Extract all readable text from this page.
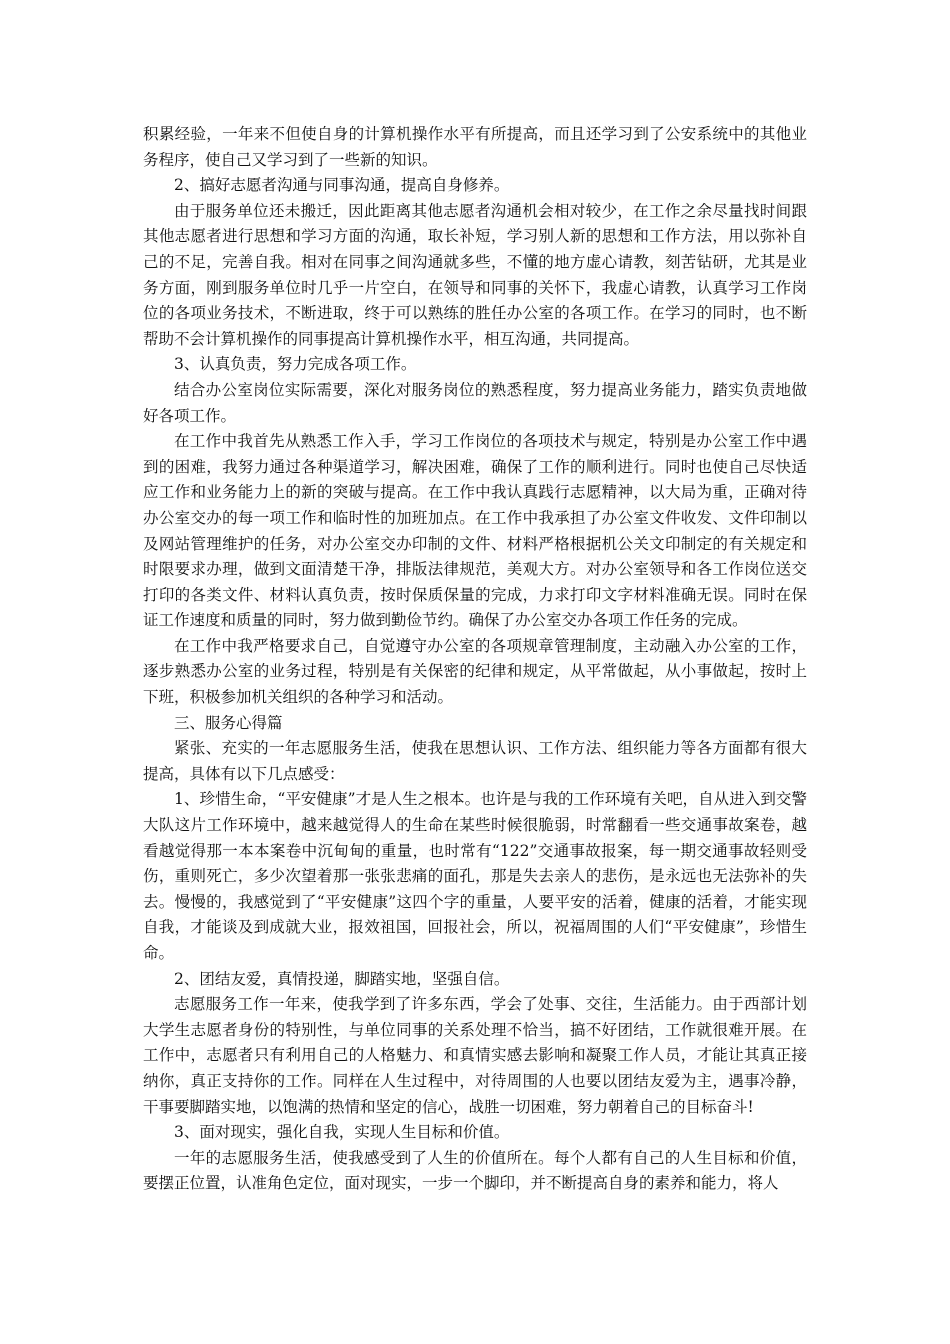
积累经验，一年来不但使自身的计算机操作水平有所提高，而且还学习到了公安系统中的其他业务程序，使自己又学习到了一些新的知识。

2、搞好志愿者沟通与同事沟通，提高自身修养。

由于服务单位还未搬迁，因此距离其他志愿者沟通机会相对较少，在工作之余尽量找时间跟其他志愿者进行思想和学习方面的沟通，取长补短，学习别人新的思想和工作方法，用以弥补自己的不足，完善自我。相对在同事之间沟通就多些，不懂的地方虚心请教，刻苦钻研，尤其是业务方面，刚到服务单位时几乎一片空白，在领导和同事的关怀下，我虚心请教，认真学习工作岗位的各项业务技术，不断进取，终于可以熟练的胜任办公室的各项工作。在学习的同时，也不断帮助不会计算机操作的同事提高计算机操作水平，相互沟通，共同提高。

3、认真负责，努力完成各项工作。

结合办公室岗位实际需要，深化对服务岗位的熟悉程度，努力提高业务能力，踏实负责地做好各项工作。

在工作中我首先从熟悉工作入手，学习工作岗位的各项技术与规定，特别是办公室工作中遇到的困难，我努力通过各种渠道学习，解决困难，确保了工作的顺利进行。同时也使自己尽快适应工作和业务能力上的新的突破与提高。在工作中我认真践行志愿精神，以大局为重，正确对待办公室交办的每一项工作和临时性的加班加点。在工作中我承担了办公室文件收发、文件印制以及网站管理维护的任务，对办公室交办印制的文件、材料严格根据机公关文印制定的有关规定和时限要求办理，做到文面清楚干净，排版法律规范，美观大方。对办公室领导和各工作岗位送交打印的各类文件、材料认真负责，按时保质保量的完成，力求打印文字材料准确无误。同时在保证工作速度和质量的同时，努力做到勤俭节约。确保了办公室交办各项工作任务的完成。

在工作中我严格要求自己，自觉遵守办公室的各项规章管理制度，主动融入办公室的工作，逐步熟悉办公室的业务过程，特别是有关保密的纪律和规定，从平常做起，从小事做起，按时上下班，积极参加机关组织的各种学习和活动。

三、服务心得篇

紧张、充实的一年志愿服务生活，使我在思想认识、工作方法、组织能力等各方面都有很大提高，具体有以下几点感受：

1、珍惜生命，“平安健康”才是人生之根本。也许是与我的工作环境有关吧，自从进入到交警大队这片工作环境中，越来越觉得人的生命在某些时候很脆弱，时常翻看一些交通事故案卷，越看越觉得那一本本案卷中沉甸甸的重量，也时常有“122”交通事故报案，每一期交通事故轻则受伤，重则死亡，多少次望着那一张张悲痛的面孔，那是失去亲人的悲伤，是永远也无法弥补的失去。慢慢的，我感觉到了“平安健康”这四个字的重量，人要平安的活着，健康的活着，才能实现自我，才能谈及到成就大业，报效祖国，回报社会，所以，祝福周围的人们“平安健康”，珍惜生命。

2、团结友爱，真情投递，脚踏实地，坚强自信。

志愿服务工作一年来，使我学到了许多东西，学会了处事、交往，生活能力。由于西部计划大学生志愿者身份的特别性，与单位同事的关系处理不恰当，搞不好团结，工作就很难开展。在工作中，志愿者只有利用自己的人格魅力、和真情实感去影响和凝聚工作人员，才能让其真正接纳你，真正支持你的工作。同样在人生过程中，对待周围的人也要以团结友爱为主，遇事冷静，干事要脚踏实地，以饱满的热情和坚定的信心，战胜一切困难，努力朝着自己的目标奋斗!

3、面对现实，强化自我，实现人生目标和价值。

一年的志愿服务生活，使我感受到了人生的价值所在。每个人都有自己的人生目标和价值，要摆正位置，认准角色定位，面对现实，一步一个脚印，并不断提高自身的素养和能力，将人
